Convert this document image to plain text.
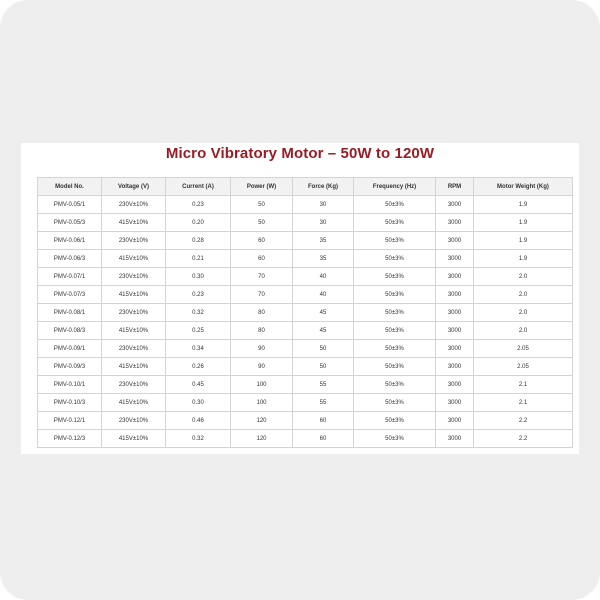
Micro Vibratory Motor – 50W to 120W
Model No.	Voltage (V)	Current (A)	Power (W)	Force (Kg)	Frequency (Hz)	RPM	Motor Weight (Kg)
PMV-0.05/1	230V±10%	0.23	50	30	50±3%	3000	1.9
PMV-0.05/3	415V±10%	0.20	50	30	50±3%	3000	1.9
PMV-0.06/1	230V±10%	0.28	60	35	50±3%	3000	1.9
PMV-0.06/3	415V±10%	0.21	60	35	50±3%	3000	1.9
PMV-0.07/1	230V±10%	0.30	70	40	50±3%	3000	2.0
PMV-0.07/3	415V±10%	0.23	70	40	50±3%	3000	2.0
PMV-0.08/1	230V±10%	0.32	80	45	50±3%	3000	2.0
PMV-0.08/3	415V±10%	0.25	80	45	50±3%	3000	2.0
PMV-0.09/1	230V±10%	0.34	90	50	50±3%	3000	2.05
PMV-0.09/3	415V±10%	0.26	90	50	50±3%	3000	2.05
PMV-0.10/1	230V±10%	0.45	100	55	50±3%	3000	2.1
PMV-0.10/3	415V±10%	0.30	100	55	50±3%	3000	2.1
PMV-0.12/1	230V±10%	0.46	120	60	50±3%	3000	2.2
PMV-0.12/3	415V±10%	0.32	120	60	50±3%	3000	2.2
